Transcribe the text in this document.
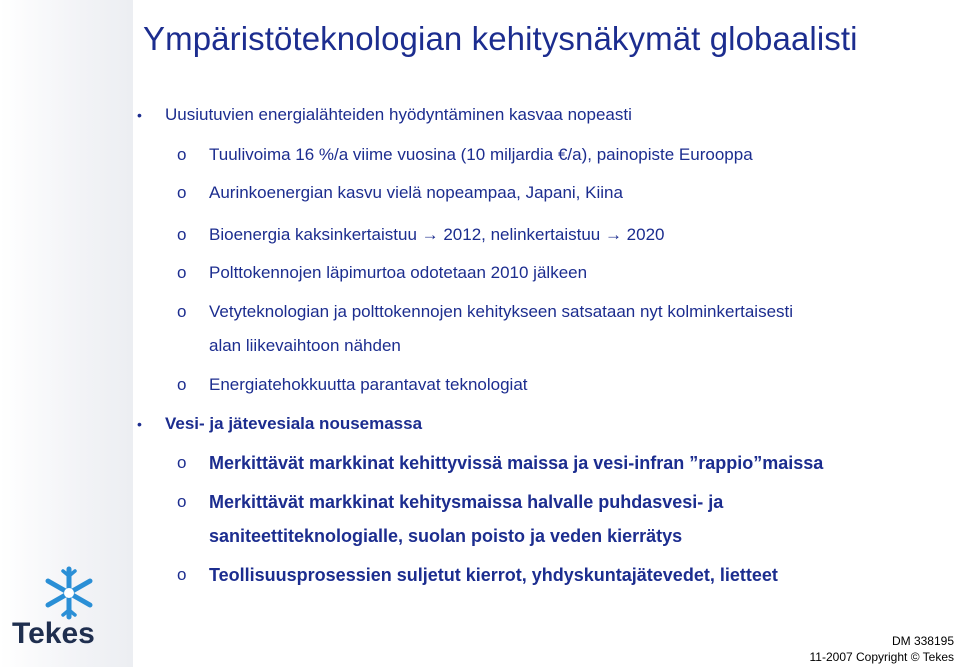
Ympäristöteknologian kehitysnäkymät globaalisti
• Uusiutuvien energialähteiden hyödyntäminen kasvaa nopeasti
o Tuulivoima 16 %/a viime vuosina (10 miljardia €/a), painopiste Eurooppa
o Aurinkoenergian kasvu vielä nopeampaa, Japani, Kiina
o Bioenergia kaksinkertaistuu → 2012, nelinkertaistuu → 2020
o Polttokennojen läpimurtoa odotetaan 2010 jälkeen
o Vetyteknologian ja polttokennojen kehitykseen satsataan nyt kolminkertaisesti
alan liikevaihtoon nähden
o Energiatehokkuutta parantavat teknologiat
• Vesi- ja jätevesiala nousemassa
o Merkittävät markkinat kehittyvissä maissa ja vesi-infran ”rappio”maissa
o Merkittävät markkinat kehitysmaissa halvalle puhdasvesi- ja
saniteettiteknologialle, suolan poisto ja veden kierrätys
o Teollisuusprosessien suljetut kierrot, yhdyskuntajätevedet, lietteet
Tekes	DM 338195
11-2007 Copyright © Tekes
